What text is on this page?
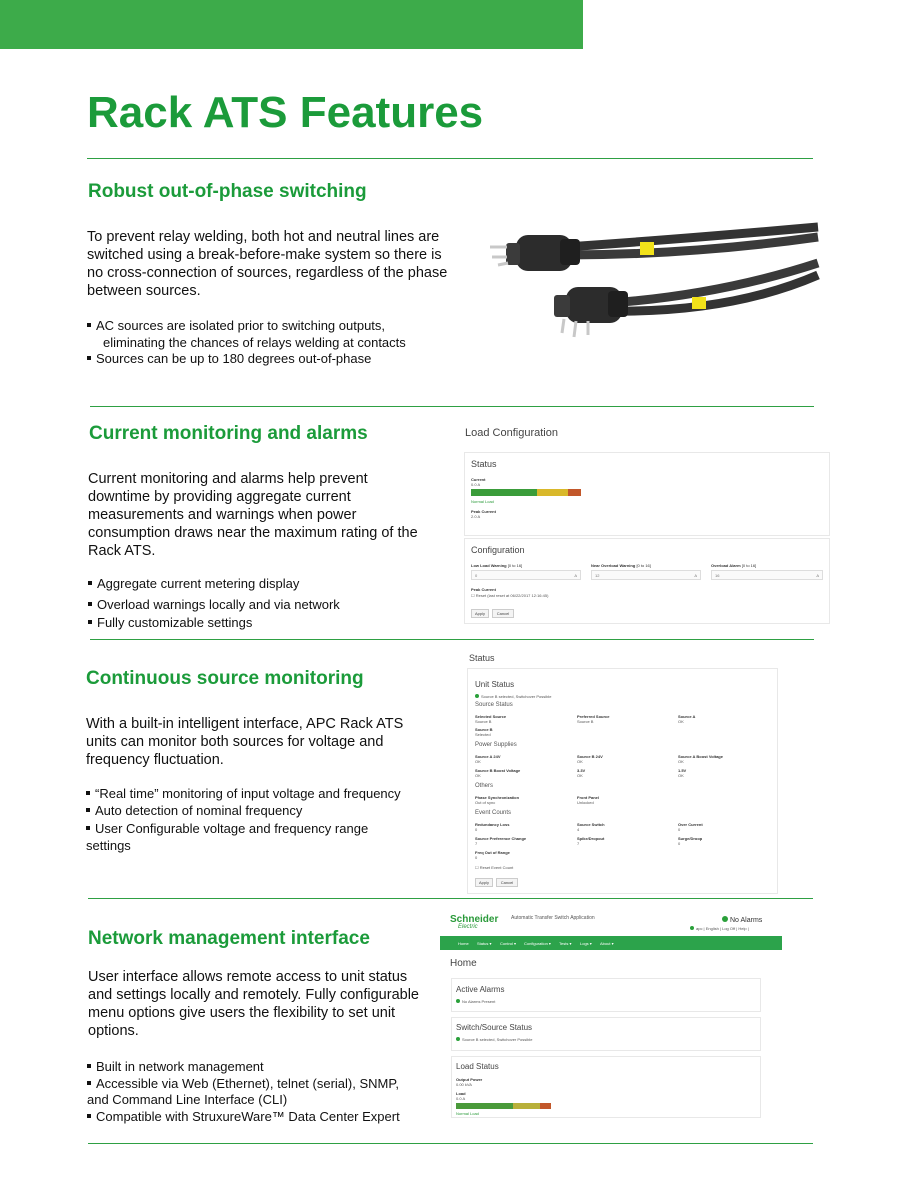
Rack ATS Features
Robust out-of-phase switching
To prevent relay welding, both hot and neutral lines are switched using a break-before-make system so there is no cross-connection of sources, regardless of the phase between sources.
AC sources are isolated prior to switching outputs,
eliminating the chances of relays welding at contacts
Sources can be up to 180 degrees out-of-phase
Current monitoring and alarms
Current monitoring and alarms help prevent downtime by providing aggregate current measurements and warnings when power consumption draws near the maximum rating of the Rack ATS.
Aggregate current metering display
Overload warnings locally and via network
Fully customizable settings
Load Configuration
Status
Current
0.0 A
Normal Load
Peak Current
2.0 A
Configuration
Low Load Warning [0 to 16]
0	A
Near Overload Warning [0 to 16]
12	A
Overload Alarm [0 to 16]
16	A
Peak Current
☐ Reset (last reset at 06/22/2017 12:16:45)
Apply	Cancel
Continuous source monitoring
With a built-in intelligent interface, APC Rack ATS units can monitor both sources for voltage and frequency fluctuation.
“Real time” monitoring of input voltage and frequency
Auto detection of nominal frequency
User Configurable voltage and frequency range
settings
Status
Unit Status
Source B selected, Switchover Possible
Source Status
Selected Source
Source B
Preferred Source
Source B
Source A
OK
Source B
Selected
Power Supplies
Source A 24V
OK
Source B 24V
OK
Source A Boost Voltage
OK
Source B Boost Voltage
OK
3.3V
OK
1.5V
OK
Others
Phase Synchronization
Out of sync
Front Panel
Unlocked
Event Counts
Redundancy Loss
0
Source Switch
4
Over Current
0
Source Preference Change
7
Spike/Dropout
7
Surge/Droop
0
Freq Out of Range
0
☐ Reset Event Count
Apply	Cancel
Network management interface
User interface allows remote access to unit status and settings locally and remotely. Fully configurable menu options give users the flexibility to set unit options.
Built in network management
Accessible via Web (Ethernet), telnet (serial), SNMP,
and Command Line Interface (CLI)
Compatible with StruxureWare™ Data Center Expert
Schneider
Electric
Automatic Transfer Switch Application	No Alarms
apc | English | Log Off | Help |
Home Status ▾ Control ▾ Configuration ▾ Tests ▾ Logs ▾ About ▾
Home
Active Alarms
No Alarms Present
Switch/Source Status
Source B selected, Switchover Possible
Load Status
Output Power
0.00 kVA
Load
0.0 A
Normal Load
